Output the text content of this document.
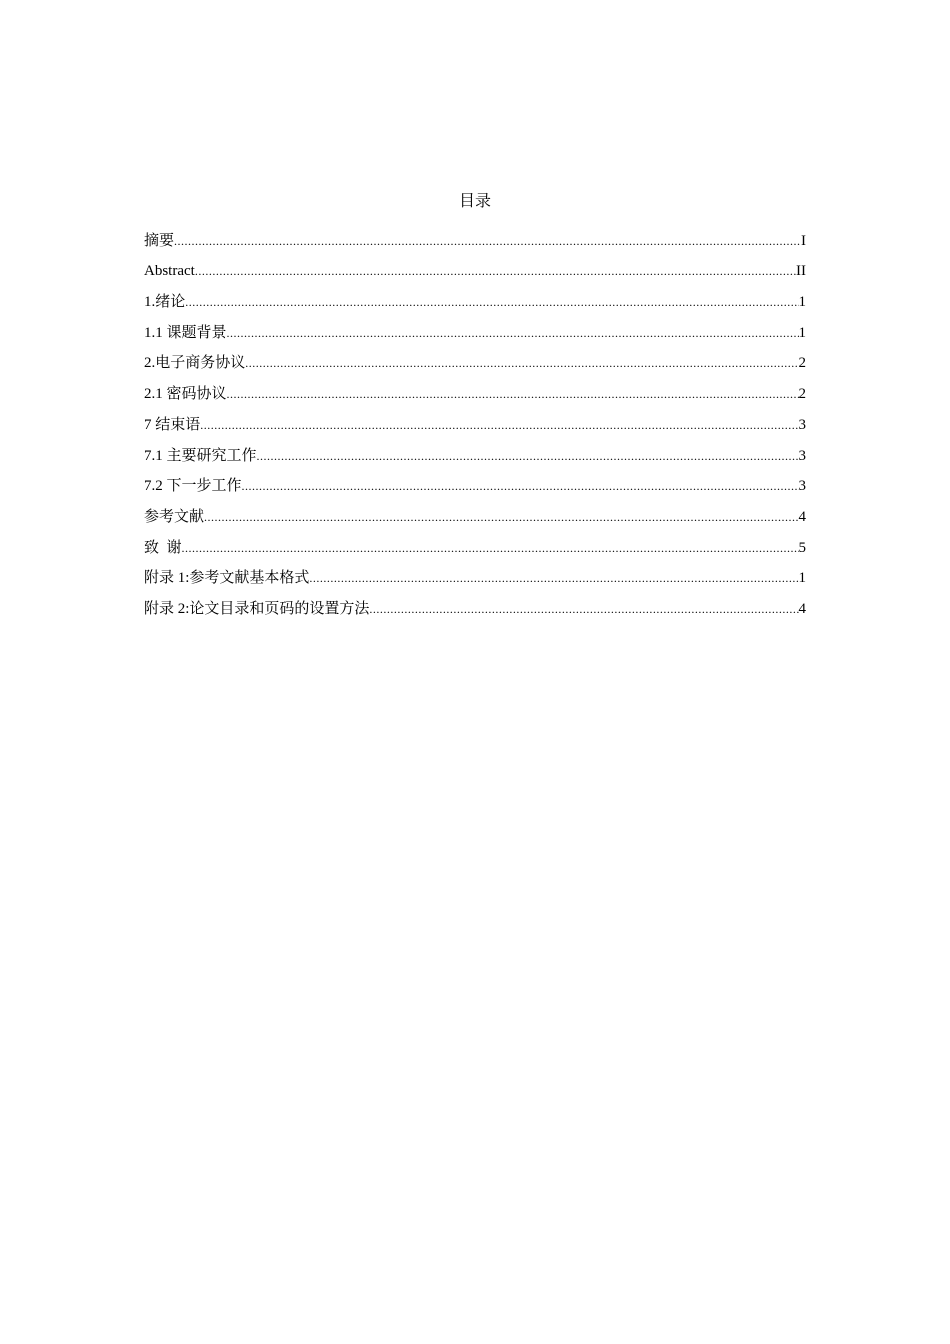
目录
摘要 .....	I
Abstract .....	II
1.绪论 .....	1
1.1 课题背景 .....	1
2.电子商务协议 .....	2
2.1 密码协议 .....	2
7 结束语 .....	3
7.1 主要研究工作 .....	3
7.2 下一步工作 .....	3
参考文献 .....	4
致  谢 .....	5
附录 1:参考文献基本格式 .....	1
附录 2:论文目录和页码的设置方法 .....	4
